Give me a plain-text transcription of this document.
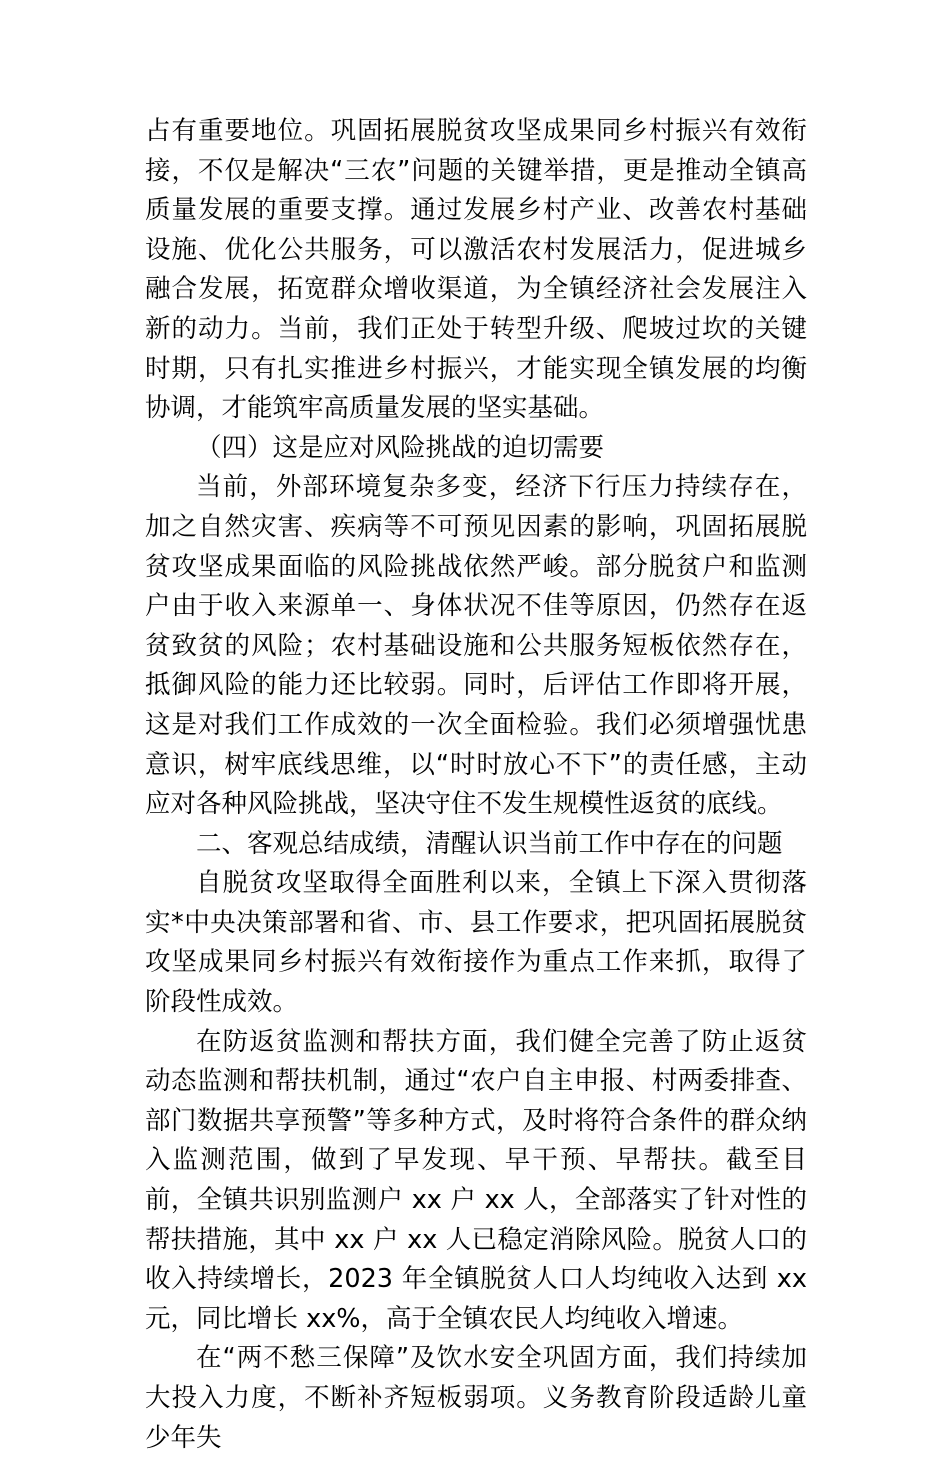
占有重要地位。巩固拓展脱贫攻坚成果同乡村振兴有效衔接，不仅是解决“三农”问题的关键举措，更是推动全镇高质量发展的重要支撑。通过发展乡村产业、改善农村基础设施、优化公共服务，可以激活农村发展活力，促进城乡融合发展，拓宽群众增收渠道，为全镇经济社会发展注入新的动力。当前，我们正处于转型升级、爬坡过坎的关键时期，只有扎实推进乡村振兴，才能实现全镇发展的均衡协调，才能筑牢高质量发展的坚实基础。

（四）这是应对风险挑战的迫切需要

当前，外部环境复杂多变，经济下行压力持续存在，加之自然灾害、疾病等不可预见因素的影响，巩固拓展脱贫攻坚成果面临的风险挑战依然严峻。部分脱贫户和监测户由于收入来源单一、身体状况不佳等原因，仍然存在返贫致贫的风险；农村基础设施和公共服务短板依然存在，抵御风险的能力还比较弱。同时，后评估工作即将开展，这是对我们工作成效的一次全面检验。我们必须增强忧患意识，树牢底线思维，以“时时放心不下”的责任感，主动应对各种风险挑战，坚决守住不发生规模性返贫的底线。

二、客观总结成绩，清醒认识当前工作中存在的问题

自脱贫攻坚取得全面胜利以来，全镇上下深入贯彻落实*中央决策部署和省、市、县工作要求，把巩固拓展脱贫攻坚成果同乡村振兴有效衔接作为重点工作来抓，取得了阶段性成效。

在防返贫监测和帮扶方面，我们健全完善了防止返贫动态监测和帮扶机制，通过“农户自主申报、村两委排查、部门数据共享预警”等多种方式，及时将符合条件的群众纳入监测范围，做到了早发现、早干预、早帮扶。截至目前，全镇共识别监测户 xx 户 xx 人，全部落实了针对性的帮扶措施，其中 xx 户 xx 人已稳定消除风险。脱贫人口的收入持续增长，2023 年全镇脱贫人口人均纯收入达到 xx 元，同比增长 xx%，高于全镇农民人均纯收入增速。

在“两不愁三保障”及饮水安全巩固方面，我们持续加大投入力度，不断补齐短板弱项。义务教育阶段适龄儿童少年失
